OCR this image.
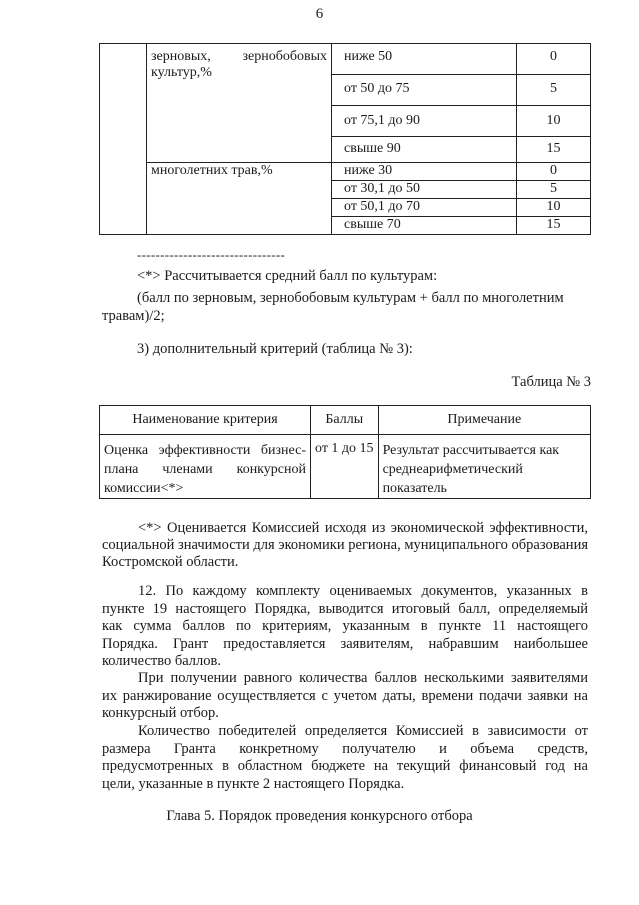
6

	зерновых, зернобобовых
культур,%	ниже 50	0
		от 50 до 75	5
		от 75,1 до 90	10
		свыше 90	15
	многолетних трав,%	ниже 30	0
		от 30,1 до 50	5
		от 50,1 до 70	10
		свыше 70	15
--------------------------------
<*> Рассчитывается средний балл по культурам:
(балл по зерновым, зернобобовым культурам + балл по многолетним
травам)/2;
3) дополнительный критерий (таблица № 3):
Таблица № 3
Наименование критерия	Баллы	Примечание

Оценка эффективности бизнес-
плана членами конкурсной
комиссии<*>	от 1 до 15	Результат рассчитывается как
среднеарифметический
показатель
<*> Оценивается Комиссией исходя из экономической эффективности,
социальной значимости для экономики региона, муниципального образования
Костромской области.
12. По каждому комплекту оцениваемых документов, указанных в
пункте 19 настоящего Порядка, выводится итоговый балл, определяемый
как сумма баллов по критериям, указанным в пункте 11 настоящего
Порядка. Грант предоставляется заявителям, набравшим наибольшее
количество баллов.
При получении равного количества баллов несколькими заявителями
их ранжирование осуществляется с учетом даты, времени подачи заявки на
конкурсный отбор.
Количество победителей определяется Комиссией в зависимости от
размера Гранта конкретному получателю и объема средств,
предусмотренных в областном бюджете на текущий финансовый год на
цели, указанные в пункте 2 настоящего Порядка.
Глава 5. Порядок проведения конкурсного отбора
